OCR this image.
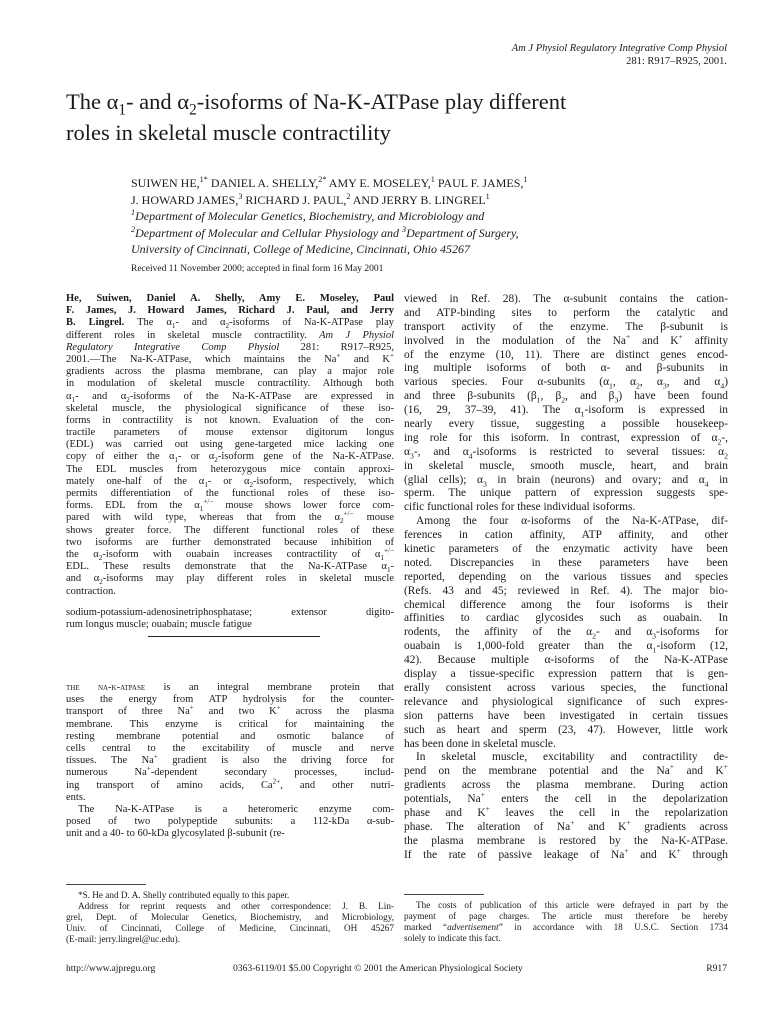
Am J Physiol Regulatory Integrative Comp Physiol
281: R917–R925, 2001.
The $\alpha_1-$ and $\alpha_2$-isoforms of Na-K-ATPase play different
roles in skeletal muscle contractility
SUIWEN HE,$^{1*}$ DANIEL A. SHELLY,$^{2*}$ AMY E. MOSELEY,$^1$ PAUL F. JAMES,$^1$
J. HOWARD JAMES,$^3$ RICHARD J. PAUL,$^2$ AND JERRY B. LINGREL$^1$
$^1$Department of Molecular Genetics, Biochemistry, and Microbiology and
$^2$Department of Molecular and Cellular Physiology and $^3$Department of Surgery,
University of Cincinnati, College of Medicine, Cincinnati, Ohio 45267
Received 11 November 2000; accepted in final form 16 May 2001
He, Suiwen, Daniel A. Shelly, Amy E. Moseley, Paul
F. James, J. Howard James, Richard J. Paul, and Jerry
B. Lingrel. The $\alpha_1-$ and $\alpha_2$-isoforms of Na-K-ATPase play
different roles in skeletal muscle contractility. Am J Physiol
Regulatory Integrative Comp Physiol 281: R917–R925,
2001.—The Na-K-ATPase, which maintains the Na+ and K+
gradients across the plasma membrane, can play a major role
in modulation of skeletal muscle contractility. Although both
$\alpha_1-$ and $\alpha_2$-isoforms of the Na-K-ATPase are expressed in
skeletal muscle, the physiological significance of these iso-
forms in contractility is not known. Evaluation of the con-
tractile parameters of mouse extensor digitorum longus
(EDL) was carried out using gene-targeted mice lacking one
copy of either the $\alpha_1-$ or $\alpha_2$-isoform gene of the Na-K-ATPase.
The EDL muscles from heterozygous mice contain approxi-
mately one-half of the $\alpha_1-$ or $\alpha_2$-isoform, respectively, which
permits differentiation of the functional roles of these iso-
forms. EDL from the $\alpha_1^{+/-}$ mouse shows lower force com-
pared with wild type, whereas that from the $\alpha_2^{+/-}$ mouse
shows greater force. The different functional roles of these
two isoforms are further demonstrated because inhibition of
the $\alpha_2$-isoform with ouabain increases contractility of $\alpha_1^{+/-}$
EDL. These results demonstrate that the Na-K-ATPase $\alpha_1-$
and $\alpha_2$-isoforms may play different roles in skeletal muscle
contraction.
sodium-potassium-adenosinetriphosphatase; extensor digito-
rum longus muscle; ouabain; muscle fatigue
the na-k-atpase is an integral membrane protein that
uses the energy from ATP hydrolysis for the counter-
transport of three Na+ and two K+ across the plasma
membrane. This enzyme is critical for maintaining the
resting membrane potential and osmotic balance of
cells central to the excitability of muscle and nerve
tissues. The Na+ gradient is also the driving force for
numerous Na+-dependent secondary processes, includ-
ing transport of amino acids, $Ca^{2+}$, and other nutri-
ents.
The Na-K-ATPase is a heteromeric enzyme com-
posed of two polypeptide subunits: a 112-kDa α-sub-
unit and a 40- to 60-kDa glycosylated β-subunit (re-
viewed in Ref. 28). The α-subunit contains the cation-
and ATP-binding sites to perform the catalytic and
transport activity of the enzyme. The β-subunit is
involved in the modulation of the Na+ and K+ affinity
of the enzyme (10, 11). There are distinct genes encod-
ing multiple isoforms of both α- and β-subunits in
various species. Four α-subunits ($\alpha_1$, $\alpha_2$, $\alpha_3$, and $\alpha_4$)
and three β-subunits ($\beta_1$, $\beta_2$, and $\beta_3$) have been found
(16, 29, 37–39, 41). The $\alpha_1$-isoform is expressed in
nearly every tissue, suggesting a possible housekeep-
ing role for this isoform. In contrast, expression of $\alpha_2-$,
$\alpha_3-$, and $\alpha_4$-isoforms is restricted to several tissues: $\alpha_2$
in skeletal muscle, smooth muscle, heart, and brain
(glial cells); $\alpha_3$ in brain (neurons) and ovary; and $\alpha_4$ in
sperm. The unique pattern of expression suggests spe-
cific functional roles for these individual isoforms.
Among the four α-isoforms of the Na-K-ATPase, dif-
ferences in cation affinity, ATP affinity, and other
kinetic parameters of the enzymatic activity have been
noted. Discrepancies in these parameters have been
reported, depending on the various tissues and species
(Refs. 43 and 45; reviewed in Ref. 4). The major bio-
chemical difference among the four isoforms is their
affinities to cardiac glycosides such as ouabain. In
rodents, the affinity of the $\alpha_2-$ and $\alpha_3$-isoforms for
ouabain is 1,000-fold greater than the $\alpha_1$-isoform (12,
42). Because multiple α-isoforms of the Na-K-ATPase
display a tissue-specific expression pattern that is gen-
erally consistent across various species, the functional
relevance and physiological significance of such expres-
sion patterns have been investigated in certain tissues
such as heart and sperm (23, 47). However, little work
has been done in skeletal muscle.
In skeletal muscle, excitability and contractility de-
pend on the membrane potential and the Na+ and K+
gradients across the plasma membrane. During action
potentials, Na+ enters the cell in the depolarization
phase and K+ leaves the cell in the repolarization
phase. The alteration of Na+ and K+ gradients across
the plasma membrane is restored by the Na-K-ATPase.
If the rate of passive leakage of Na+ and K+ through
*S. He and D. A. Shelly contributed equally to this paper.
Address for reprint requests and other correspondence: J. B. Lin-
grel, Dept. of Molecular Genetics, Biochemistry, and Microbiology,
Univ. of Cincinnati, College of Medicine, Cincinnati, OH 45267
(E-mail: jerry.lingrel@uc.edu).
The costs of publication of this article were defrayed in part by the
payment of page charges. The article must therefore be hereby
marked “advertisement” in accordance with 18 U.S.C. Section 1734
solely to indicate this fact.
http://www.ajpregu.org	0363-6119/01 $5.00 Copyright © 2001 the American Physiological Society	R917
